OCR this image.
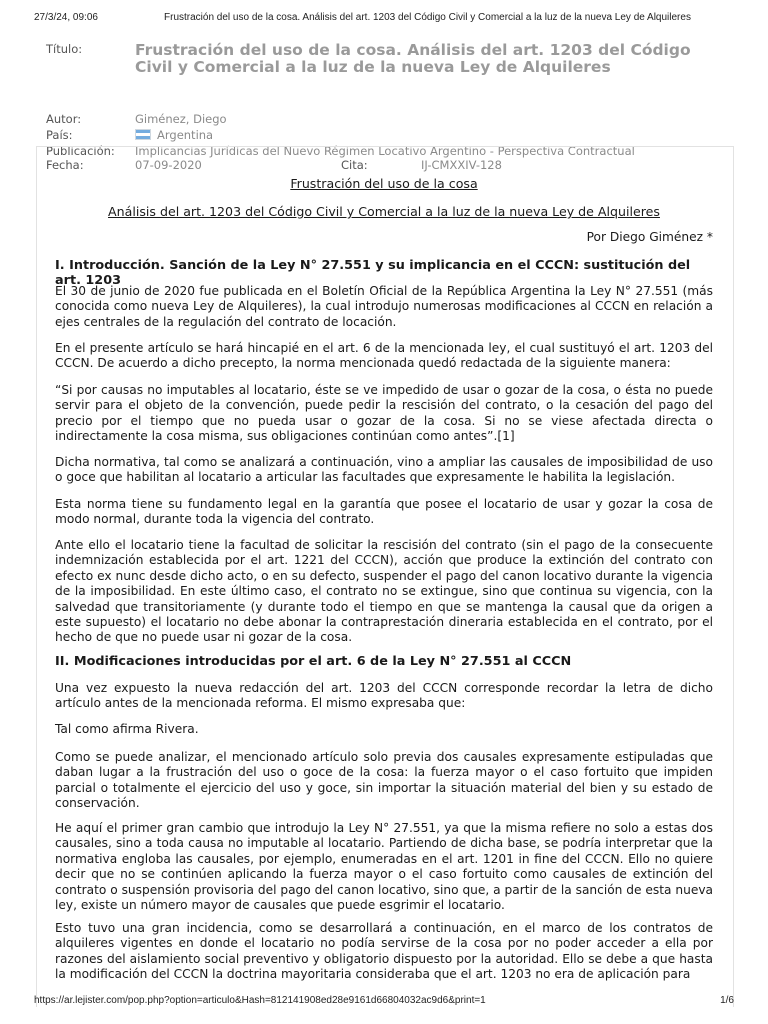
27/3/24, 09:06	Frustración del uso de la cosa. Análisis del art. 1203 del Código Civil y Comercial a la luz de la nueva Ley de Alquileres
Título:	Frustración del uso de la cosa. Análisis del art. 1203 del Código Civil y Comercial a la luz de la nueva Ley de Alquileres
Autor:	Giménez, Diego
País:	Argentina
Publicación: Implicancias Jurídicas del Nuevo Régimen Locativo Argentino - Perspectiva Contractual
Fecha:	07-09-2020	Cita:	IJ-CMXXIV-128
Frustración del uso de la cosa
Análisis del art. 1203 del Código Civil y Comercial a la luz de la nueva Ley de Alquileres
Por Diego Giménez *
I. Introducción. Sanción de la Ley N° 27.551 y su implicancia en el CCCN: sustitución del art. 1203

El 30 de junio de 2020 fue publicada en el Boletín Oficial de la República Argentina la Ley N° 27.551 (más conocida como nueva Ley de Alquileres), la cual introdujo numerosas modificaciones al CCCN en relación a ejes centrales de la regulación del contrato de locación.

En el presente artículo se hará hincapié en el art. 6 de la mencionada ley, el cual sustituyó el art. 1203 del CCCN. De acuerdo a dicho precepto, la norma mencionada quedó redactada de la siguiente manera:

“Si por causas no imputables al locatario, éste se ve impedido de usar o gozar de la cosa, o ésta no puede servir para el objeto de la convención, puede pedir la rescisión del contrato, o la cesación del pago del precio por el tiempo que no pueda usar o gozar de la cosa. Si no se viese afectada directa o indirectamente la cosa misma, sus obligaciones continúan como antes”.[1]

Dicha normativa, tal como se analizará a continuación, vino a ampliar las causales de imposibilidad de uso o goce que habilitan al locatario a articular las facultades que expresamente le habilita la legislación.

Esta norma tiene su fundamento legal en la garantía que posee el locatario de usar y gozar la cosa de modo normal, durante toda la vigencia del contrato.

Ante ello el locatario tiene la facultad de solicitar la rescisión del contrato (sin el pago de la consecuente indemnización establecida por el art. 1221 del CCCN), acción que produce la extinción del contrato con efecto ex nunc desde dicho acto, o en su defecto, suspender el pago del canon locativo durante la vigencia de la imposibilidad. En este último caso, el contrato no se extingue, sino que continua su vigencia, con la salvedad que transitoriamente (y durante todo el tiempo en que se mantenga la causal que da origen a este supuesto) el locatario no debe abonar la contraprestación dineraria establecida en el contrato, por el hecho de que no puede usar ni gozar de la cosa.

II. Modificaciones introducidas por el art. 6 de la Ley N° 27.551 al CCCN

Una vez expuesto la nueva redacción del art. 1203 del CCCN corresponde recordar la letra de dicho artículo antes de la mencionada reforma. El mismo expresaba que:

Tal como afirma Rivera.

Como se puede analizar, el mencionado artículo solo previa dos causales expresamente estipuladas que daban lugar a la frustración del uso o goce de la cosa: la fuerza mayor o el caso fortuito que impiden parcial o totalmente el ejercicio del uso y goce, sin importar la situación material del bien y su estado de conservación.

He aquí el primer gran cambio que introdujo la Ley N° 27.551, ya que la misma refiere no solo a estas dos causales, sino a toda causa no imputable al locatario. Partiendo de dicha base, se podría interpretar que la normativa engloba las causales, por ejemplo, enumeradas en el art. 1201 in fine del CCCN. Ello no quiere decir que no se continúen aplicando la fuerza mayor o el caso fortuito como causales de extinción del contrato o suspensión provisoria del pago del canon locativo, sino que, a partir de la sanción de esta nueva ley, existe un número mayor de causales que puede esgrimir el locatario.

Esto tuvo una gran incidencia, como se desarrollará a continuación, en el marco de los contratos de alquileres vigentes en donde el locatario no podía servirse de la cosa por no poder acceder a ella por razones del aislamiento social preventivo y obligatorio dispuesto por la autoridad. Ello se debe a que hasta la modificación del CCCN la doctrina mayoritaria consideraba que el art. 1203 no era de aplicación para

https://ar.lejister.com/pop.php?option=articulo&Hash=812141908ed28e9161d66804032ac9d6&print=1	1/6
